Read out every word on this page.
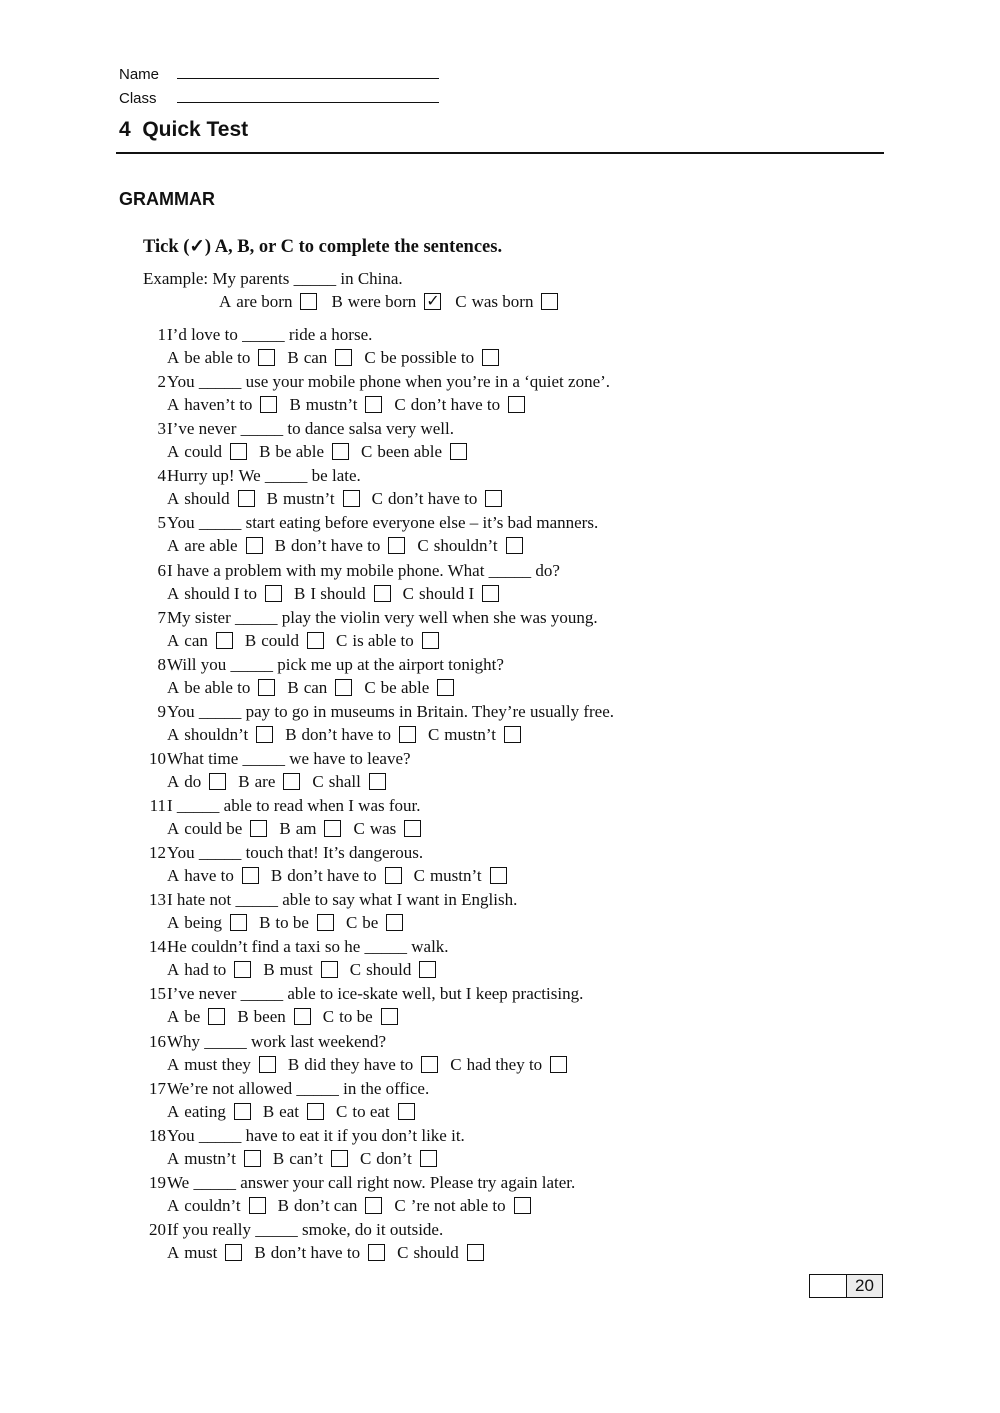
Name
Class
4  Quick Test
GRAMMAR
Tick (✓) A, B, or C to complete the sentences.
Example: My parents _____ in China.
A are born B were born✓ C was born
1 I’d love to _____ ride a horse.
A be able to B can C be possible to
2 You _____ use your mobile phone when you’re in a ‘quiet zone’.
A haven’t to B mustn’t C don’t have to
3 I’ve never _____ to dance salsa very well.
A could B be able C been able
4 Hurry up! We _____ be late.
A should B mustn’t C don’t have to
5 You _____ start eating before everyone else – it’s bad manners.
A are able B don’t have to C shouldn’t
6 I have a problem with my mobile phone. What _____ do?
A should I to B I should C should I
7 My sister _____ play the violin very well when she was young.
A can B could C is able to
8 Will you _____ pick me up at the airport tonight?
A be able to B can C be able
9 You _____ pay to go in museums in Britain. They’re usually free.
A shouldn’t B don’t have to C mustn’t
10 What time _____ we have to leave?
A do B are C shall
11 I _____ able to read when I was four.
A could be B am C was
12 You _____ touch that! It’s dangerous.
A have to B don’t have to C mustn’t
13 I hate not _____ able to say what I want in English.
A being B to be C be
14 He couldn’t find a taxi so he _____ walk.
A had to B must C should
15 I’ve never _____ able to ice-skate well, but I keep practising.
A be B been C to be
16 Why _____ work last weekend?
A must they B did they have to C had they to
17 We’re not allowed _____ in the office.
A eating B eat C to eat
18 You _____ have to eat it if you don’t like it.
A mustn’t B can’t C don’t
19 We _____ answer your call right now. Please try again later.
A couldn’t B don’t can C ’re not able to
20 If you really _____ smoke, do it outside.
A must B don’t have to C should
20
